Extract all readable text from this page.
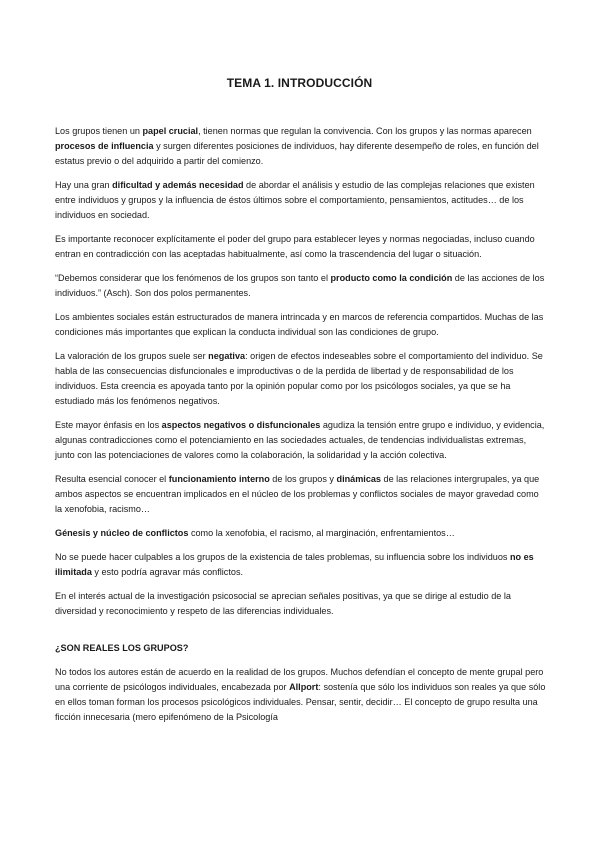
TEMA 1. INTRODUCCIÓN

Los grupos tienen un papel crucial, tienen normas que regulan la convivencia. Con los grupos y las normas aparecen procesos de influencia y surgen diferentes posiciones de individuos, hay diferente desempeño de roles, en función del estatus previo o del adquirido a partir del comienzo.

Hay una gran dificultad y además necesidad de abordar el análisis y estudio de las complejas relaciones que existen entre individuos y grupos y la influencia de éstos últimos sobre el comportamiento, pensamientos, actitudes… de los individuos en sociedad.

Es importante reconocer explícitamente el poder del grupo para establecer leyes y normas negociadas, incluso cuando entran en contradicción con las aceptadas habitualmente, así como la trascendencia del lugar o situación.

“Debemos considerar que los fenómenos de los grupos son tanto el producto como la condición de las acciones de los individuos.” (Asch). Son dos polos permanentes.

Los ambientes sociales están estructurados de manera intrincada y en marcos de referencia compartidos. Muchas de las condiciones más importantes que explican la conducta individual son las condiciones de grupo.

La valoración de los grupos suele ser negativa: origen de efectos indeseables sobre el comportamiento del individuo. Se habla de las consecuencias disfuncionales e improductivas o de la perdida de libertad y de responsabilidad de los individuos. Esta creencia es apoyada tanto por la opinión popular como por los psicólogos sociales, ya que se ha estudiado más los fenómenos negativos.

Este mayor énfasis en los aspectos negativos o disfuncionales agudiza la tensión entre grupo e individuo, y evidencia, algunas contradicciones como el potenciamiento en las sociedades actuales, de tendencias individualistas extremas, junto con las potenciaciones de valores como la colaboración, la solidaridad y la acción colectiva.

Resulta esencial conocer el funcionamiento interno de los grupos y dinámicas de las relaciones intergrupales, ya que ambos aspectos se encuentran implicados en el núcleo de los problemas y conflictos sociales de mayor gravedad como la xenofobia, racismo…

Génesis y núcleo de conflictos como la xenofobia, el racismo, al marginación, enfrentamientos…

No se puede hacer culpables a los grupos de la existencia de tales problemas, su influencia sobre los individuos no es ilimitada y esto podría agravar más conflictos.

En el interés actual de la investigación psicosocial se aprecian señales positivas, ya que se dirige al estudio de la diversidad y reconocimiento y respeto de las diferencias individuales.

¿SON REALES LOS GRUPOS?

No todos los autores están de acuerdo en la realidad de los grupos. Muchos defendían el concepto de mente grupal pero una corriente de psicólogos individuales, encabezada por Allport: sostenía que sólo los individuos son reales ya que sólo en ellos toman forman los procesos psicológicos individuales. Pensar, sentir, decidir… El concepto de grupo resulta una ficción innecesaria (mero epifenómeno de la Psicología
